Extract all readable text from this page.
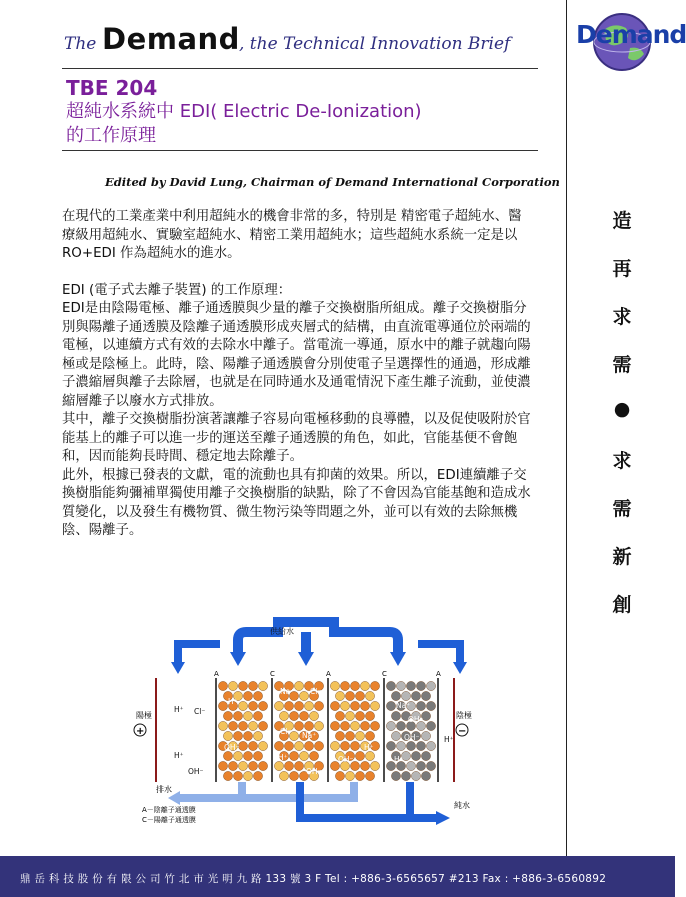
The Demand , the Technical Innovation Brief
TBE 204
超純水系統中 EDI( Electric De-Ionization)
的工作原理
Edited by David Lung, Chairman of Demand International Corporation

在現代的工業產業中利用超純水的機會非常的多，特別是 精密電子超純水、醫療級用超純水、實驗室超純水、精密工業用超純水；這些超純水系統一定是以 RO+EDI 作為超純水的進水。

EDI (電子式去離子裝置) 的工作原理：

EDI是由陰陽電極、離子通透膜與少量的離子交換樹脂所組成。離子交換樹脂分別與陽離子通透膜及陰離子通透膜形成夾層式的結構，由直流電導通位於兩端的電極，以連續方式有效的去除水中離子。當電流一導通，原水中的離子就趨向陽極或是陰極上。此時，陰、陽離子通透膜會分別使電子呈選擇性的通過，形成離子濃縮層與離子去除層，也就是在同時通水及通電情況下產生離子流動，並使濃縮層離子以廢水方式排放。

其中，離子交換樹脂扮演著讓離子容易向電極移動的良導體，以及促使吸附於官能基上的離子可以進一步的運送至離子通透膜的角色，如此，官能基便不會飽和，因而能夠長時間、穩定地去除離子。

此外，根據已發表的文獻，電的流動也具有抑菌的效果。所以，EDI連續離子交換樹脂能夠彌補單獨使用離子交換樹脂的缺點，除了不會因為官能基飽和造成水質變化，以及發生有機物質、微生物污染等問題之外，並可以有效的去除無機陰、陽離子。

Demand
造
再
求
需
●
求
需
新
創
供給水
A	C	A	C	A
陽極
+
陰極
−
H⁺ Cl⁻
H⁺
OH⁻
H⁺
OH⁻
Na⁺ Cl⁻
Cl⁻ Na⁺
H⁺
OH⁻
OH⁻
H⁺
H⁺
Na⁺
OH⁻
OH⁻	H⁺
排水
純水
A－陰離子通透膜
C－陽離子通透膜
鼎 岳 科 技 股 份 有 限 公 司 竹 北 市 光 明 九 路 133 號 3 F Tel : +886-3-6565657 #213 Fax : +886-3-6560892
